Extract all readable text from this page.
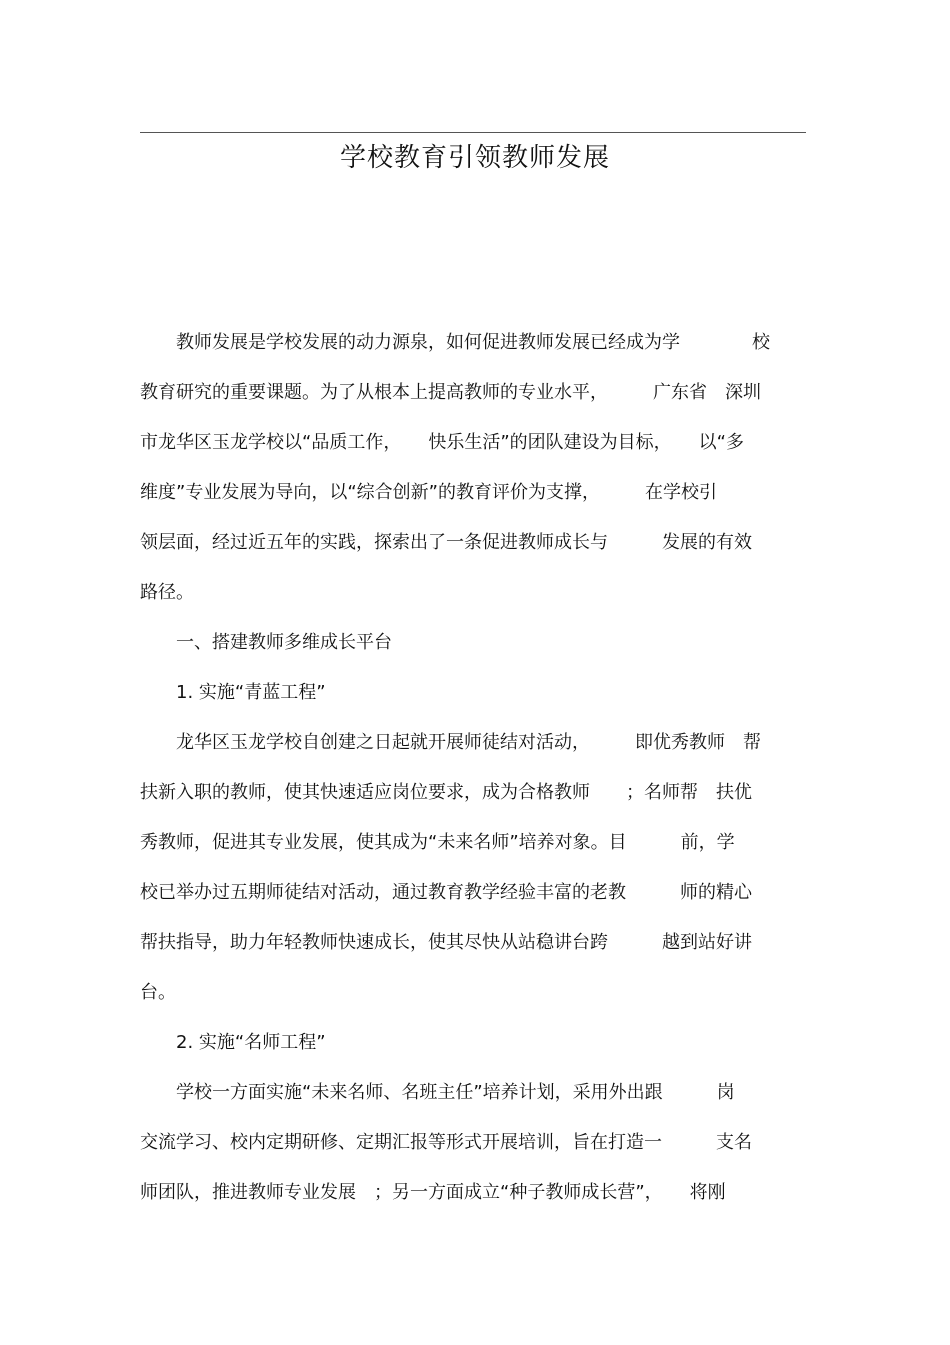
学校教育引领教师发展
　　教师发展是学校发展的动力源泉，如何促进教师发展已经成为学　　　　校
教育研究的重要课题。为了从根本上提高教师的专业水平，　　　广东省　深圳
市龙华区玉龙学校以“品质工作，　　快乐生活”的团队建设为目标，　　以“多
维度”专业发展为导向，以“综合创新”的教育评价为支撑，　　　在学校引
领层面，经过近五年的实践，探索出了一条促进教师成长与　　　发展的有效
路径。
　　一、搭建教师多维成长平台
　　1. 实施“青蓝工程”
　　龙华区玉龙学校自创建之日起就开展师徒结对活动，　　　即优秀教师　帮
扶新入职的教师，使其快速适应岗位要求，成为合格教师　　；名师帮　扶优
秀教师，促进其专业发展，使其成为“未来名师”培养对象。目　　　前，学
校已举办过五期师徒结对活动，通过教育教学经验丰富的老教　　　师的精心
帮扶指导，助力年轻教师快速成长，使其尽快从站稳讲台跨　　　越到站好讲
台。
　　2. 实施“名师工程”
　　学校一方面实施“未来名师、名班主任”培养计划，采用外出跟　　　岗
交流学习、校内定期研修、定期汇报等形式开展培训，旨在打造一　　　支名
师团队，推进教师专业发展　；另一方面成立“种子教师成长营”，　　将刚
